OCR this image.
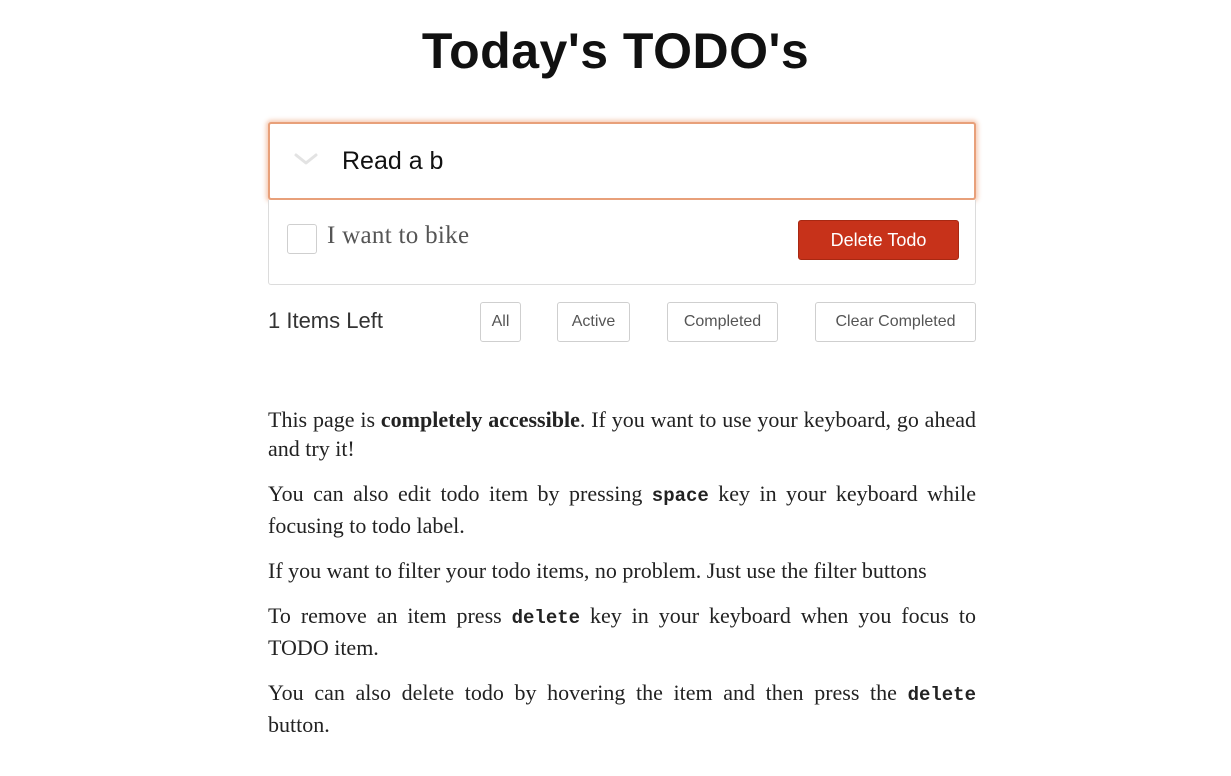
Today's TODO's
Read a b
I want to bike	Delete Todo
1 Items Left	All	Active	Completed	Clear Completed

This page is completely accessible. If you want to use your keyboard, go ahead and try it!

You can also edit todo item by pressing space key in your keyboard while focusing to todo label.

If you want to filter your todo items, no problem. Just use the filter buttons

To remove an item press delete key in your keyboard when you focus to TODO item.

You can also delete todo by hovering the item and then press the delete button.
